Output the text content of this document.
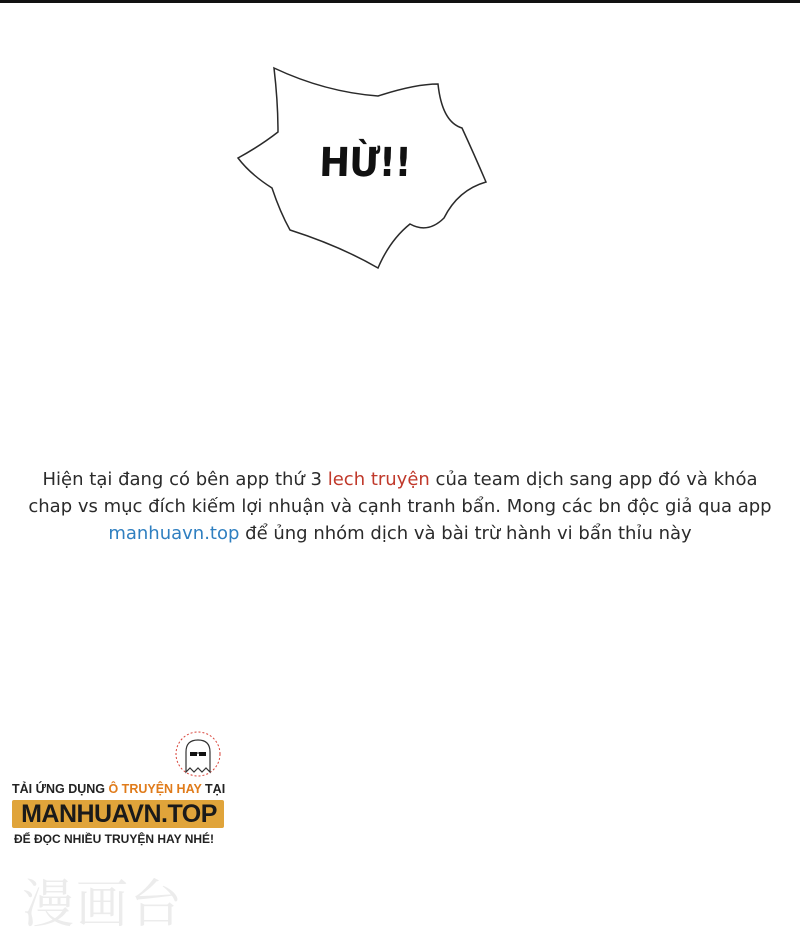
HỪ!!
Hiện tại đang có bên app thứ 3 lech truyện của team dịch sang app đó và khóa
chap vs mục đích kiếm lợi nhuận và cạnh tranh bẩn. Mong các bn độc giả qua app
manhuavn.top để ủng nhóm dịch và bài trừ hành vi bẩn thỉu này
TẢI ỨNG DỤNG Ô TRUYỆN HAY TẠI
MANHUAVN.TOP
ĐỂ ĐỌC NHIỀU TRUYỆN HAY NHÉ!
漫画台
